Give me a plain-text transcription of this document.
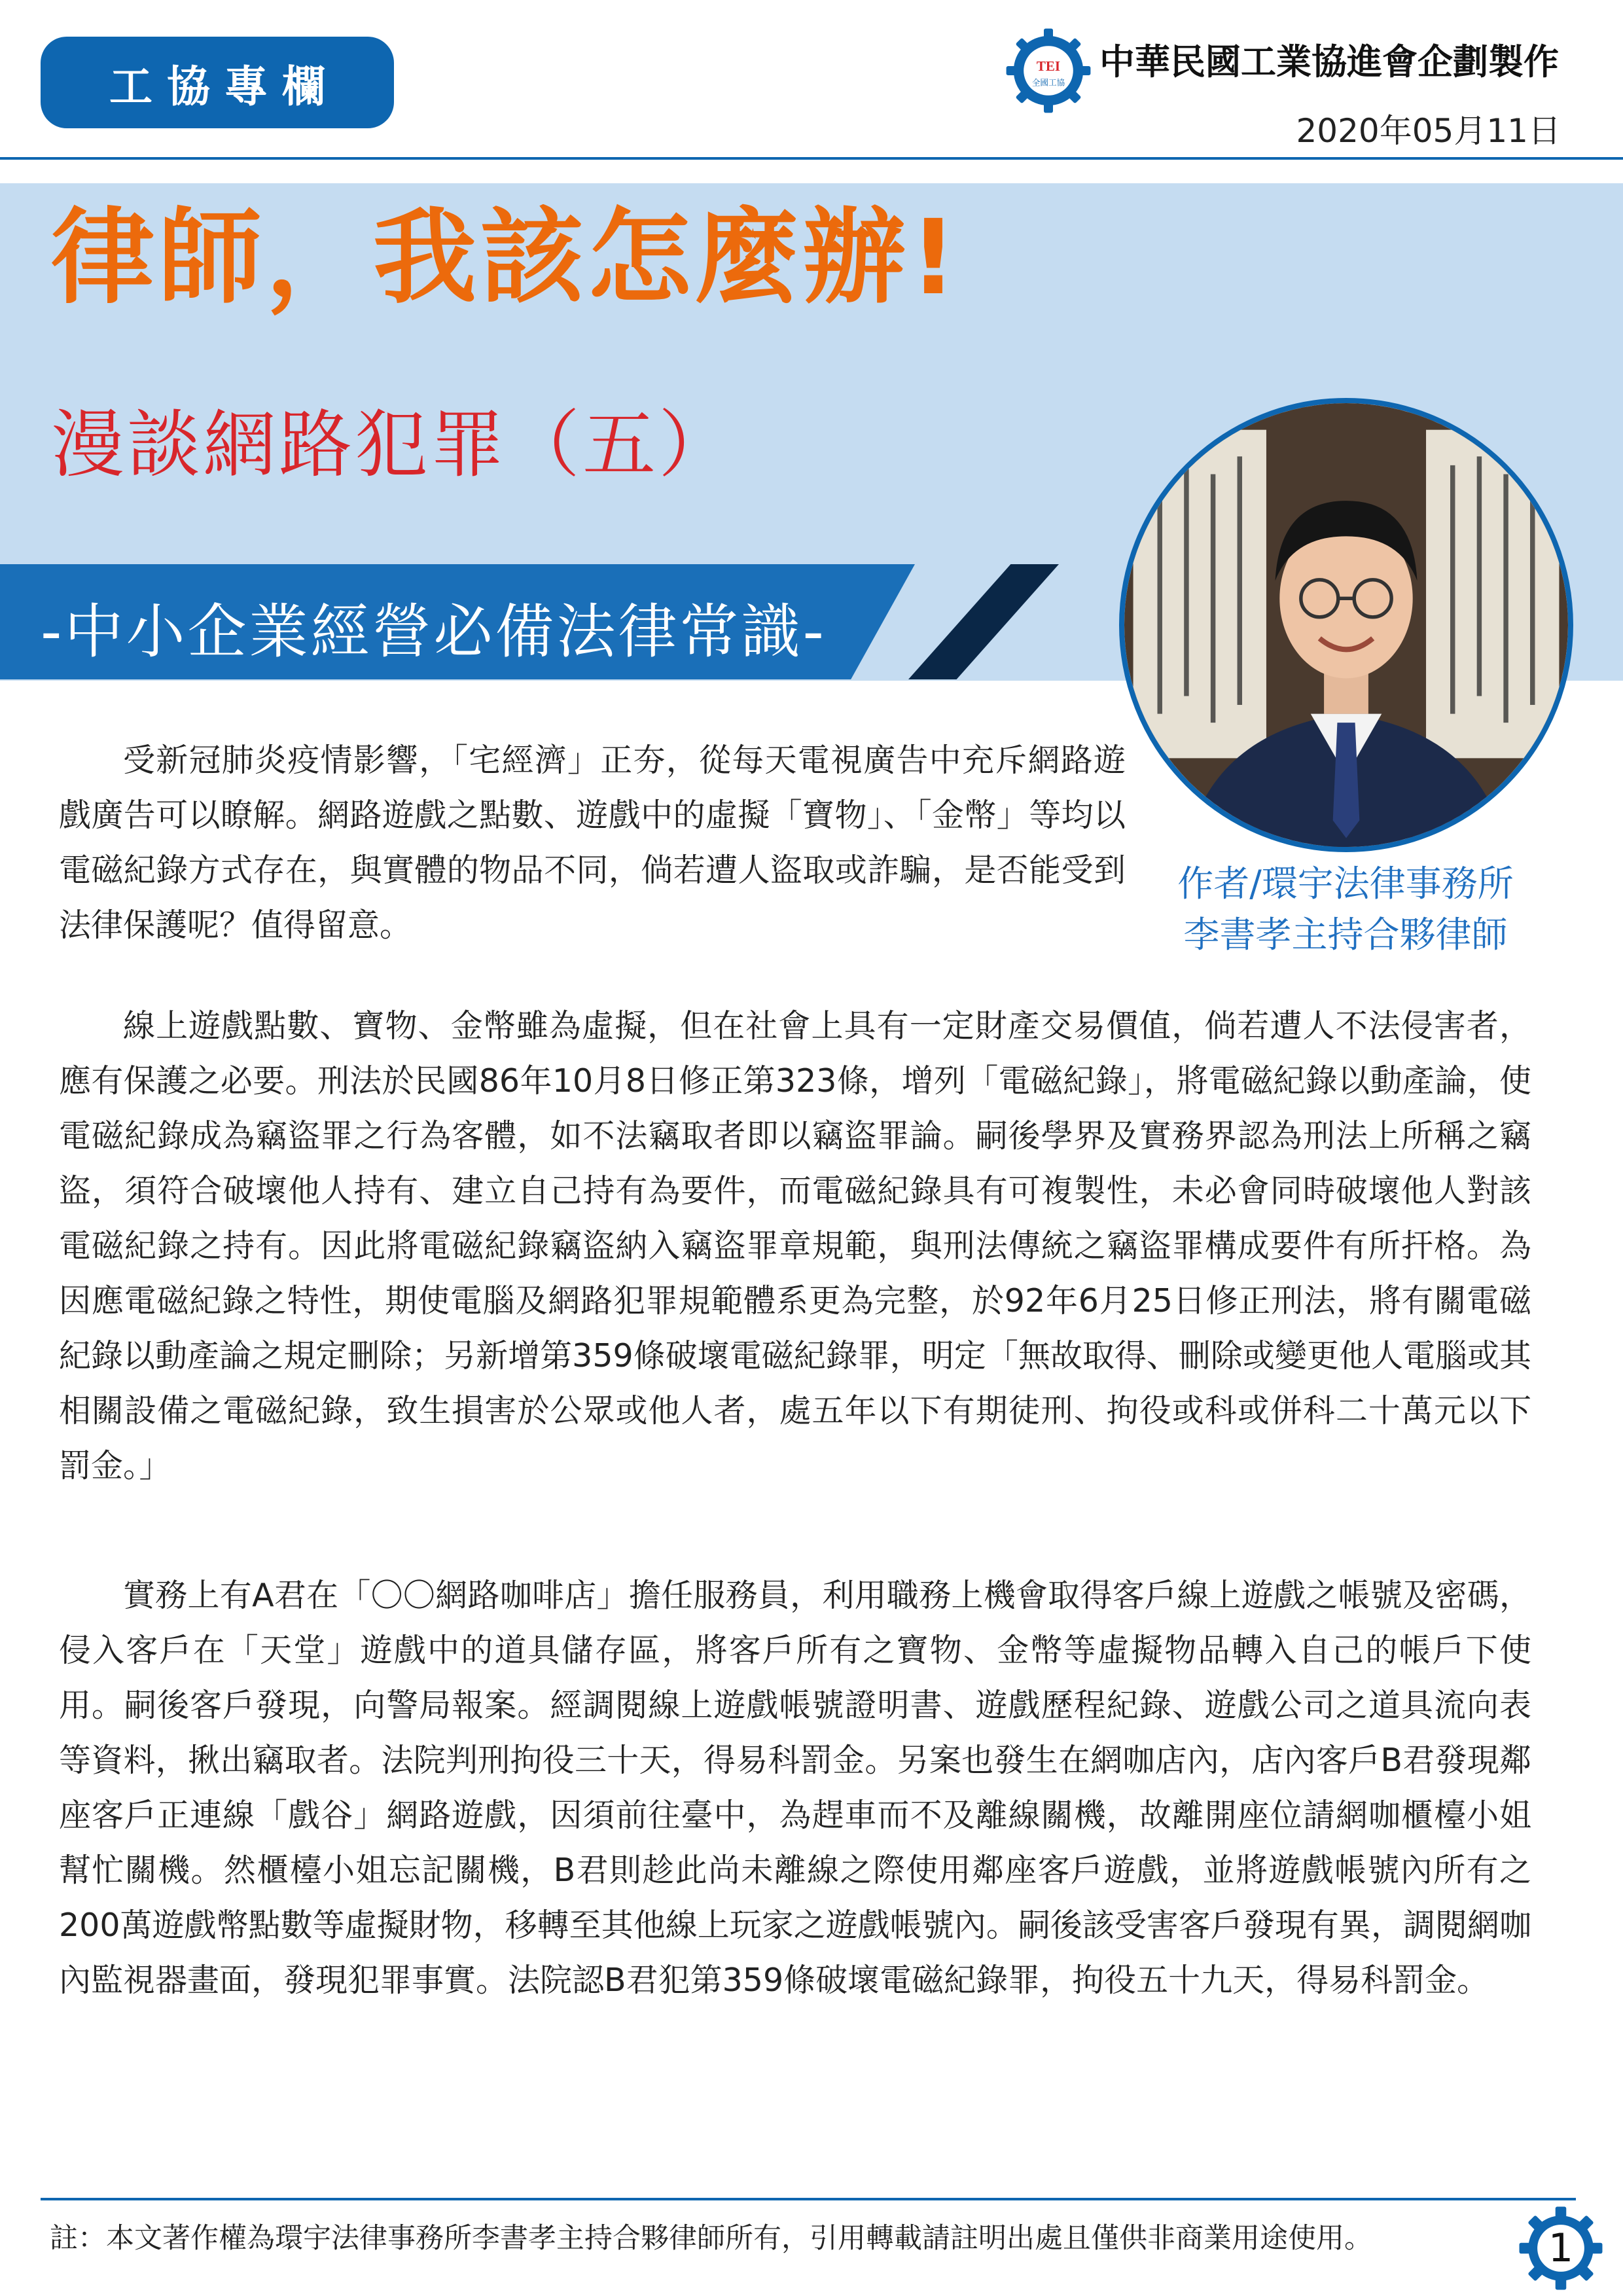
工協專欄	TEI
全國工協 中華民國工業協進會企劃製作
2020年05月11日
律師，我該怎麼辦!
漫談網路犯罪（五）
-中小企業經營必備法律常識-
作者/環宇法律事務所
李書孝主持合夥律師
受新冠肺炎疫情影響，「宅經濟」正夯，從每天電視廣告中充斥網路遊戲廣告可以瞭解。網路遊戲之點數、遊戲中的虛擬「寶物」、「金幣」等均以電磁紀錄方式存在，與實體的物品不同，倘若遭人盜取或詐騙，是否能受到法律保護呢？值得留意。
線上遊戲點數、寶物、金幣雖為虛擬，但在社會上具有一定財產交易價值，倘若遭人不法侵害者，應有保護之必要。刑法於民國86年10月8日修正第323條，增列「電磁紀錄」，將電磁紀錄以動產論，使電磁紀錄成為竊盜罪之行為客體，如不法竊取者即以竊盜罪論。嗣後學界及實務界認為刑法上所稱之竊盜，須符合破壞他人持有、建立自己持有為要件，而電磁紀錄具有可複製性，未必會同時破壞他人對該電磁紀錄之持有。因此將電磁紀錄竊盜納入竊盜罪章規範，與刑法傳統之竊盜罪構成要件有所扞格。為因應電磁紀錄之特性，期使電腦及網路犯罪規範體系更為完整，於92年6月25日修正刑法，將有關電磁紀錄以動產論之規定刪除；另新增第359條破壞電磁紀錄罪，明定「無故取得、刪除或變更他人電腦或其相關設備之電磁紀錄，致生損害於公眾或他人者，處五年以下有期徒刑、拘役或科或併科二十萬元以下罰金。」
實務上有A君在「〇〇網路咖啡店」擔任服務員，利用職務上機會取得客戶線上遊戲之帳號及密碼，侵入客戶在「天堂」遊戲中的道具儲存區，將客戶所有之寶物、金幣等虛擬物品轉入自己的帳戶下使用。嗣後客戶發現，向警局報案。經調閱線上遊戲帳號證明書、遊戲歷程紀錄、遊戲公司之道具流向表等資料，揪出竊取者。法院判刑拘役三十天，得易科罰金。另案也發生在網咖店內，店內客戶B君發現鄰座客戶正連線「戲谷」網路遊戲，因須前往臺中，為趕車而不及離線關機，故離開座位請網咖櫃檯小姐幫忙關機。然櫃檯小姐忘記關機，B君則趁此尚未離線之際使用鄰座客戶遊戲，並將遊戲帳號內所有之200萬遊戲幣點數等虛擬財物，移轉至其他線上玩家之遊戲帳號內。嗣後該受害客戶發現有異，調閱網咖內監視器畫面，發現犯罪事實。法院認B君犯第359條破壞電磁紀錄罪，拘役五十九天，得易科罰金。
註：本文著作權為環宇法律事務所李書孝主持合夥律師所有，引用轉載請註明出處且僅供非商業用途使用。	1
